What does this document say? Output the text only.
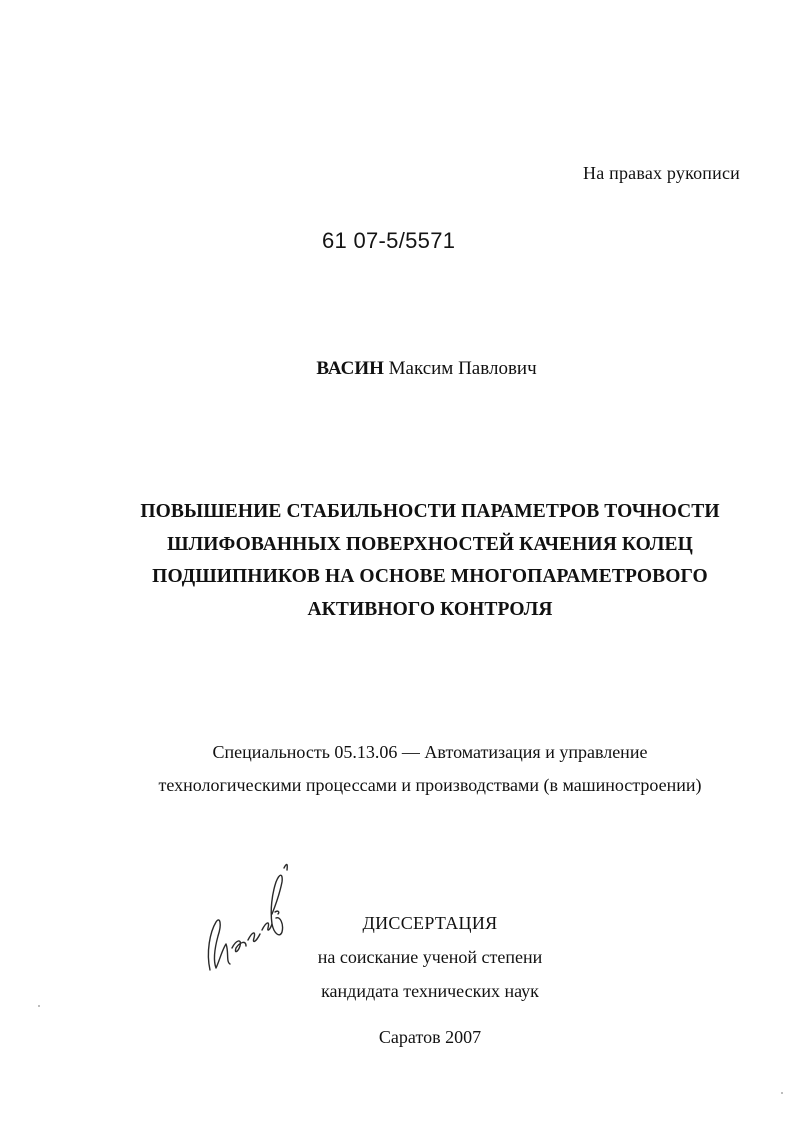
На правах рукописи
61 07-5/5571
ВАСИН Максим Павлович
ПОВЫШЕНИЕ СТАБИЛЬНОСТИ ПАРАМЕТРОВ ТОЧНОСТИ
ШЛИФОВАННЫХ ПОВЕРХНОСТЕЙ КАЧЕНИЯ КОЛЕЦ
ПОДШИПНИКОВ НА ОСНОВЕ МНОГОПАРАМЕТРОВОГО
АКТИВНОГО КОНТРОЛЯ
Специальность 05.13.06 — Автоматизация и управление
технологическими процессами и производствами (в машиностроении)
ДИССЕРТАЦИЯ
на соискание ученой степени
кандидата технических наук
Саратов 2007
